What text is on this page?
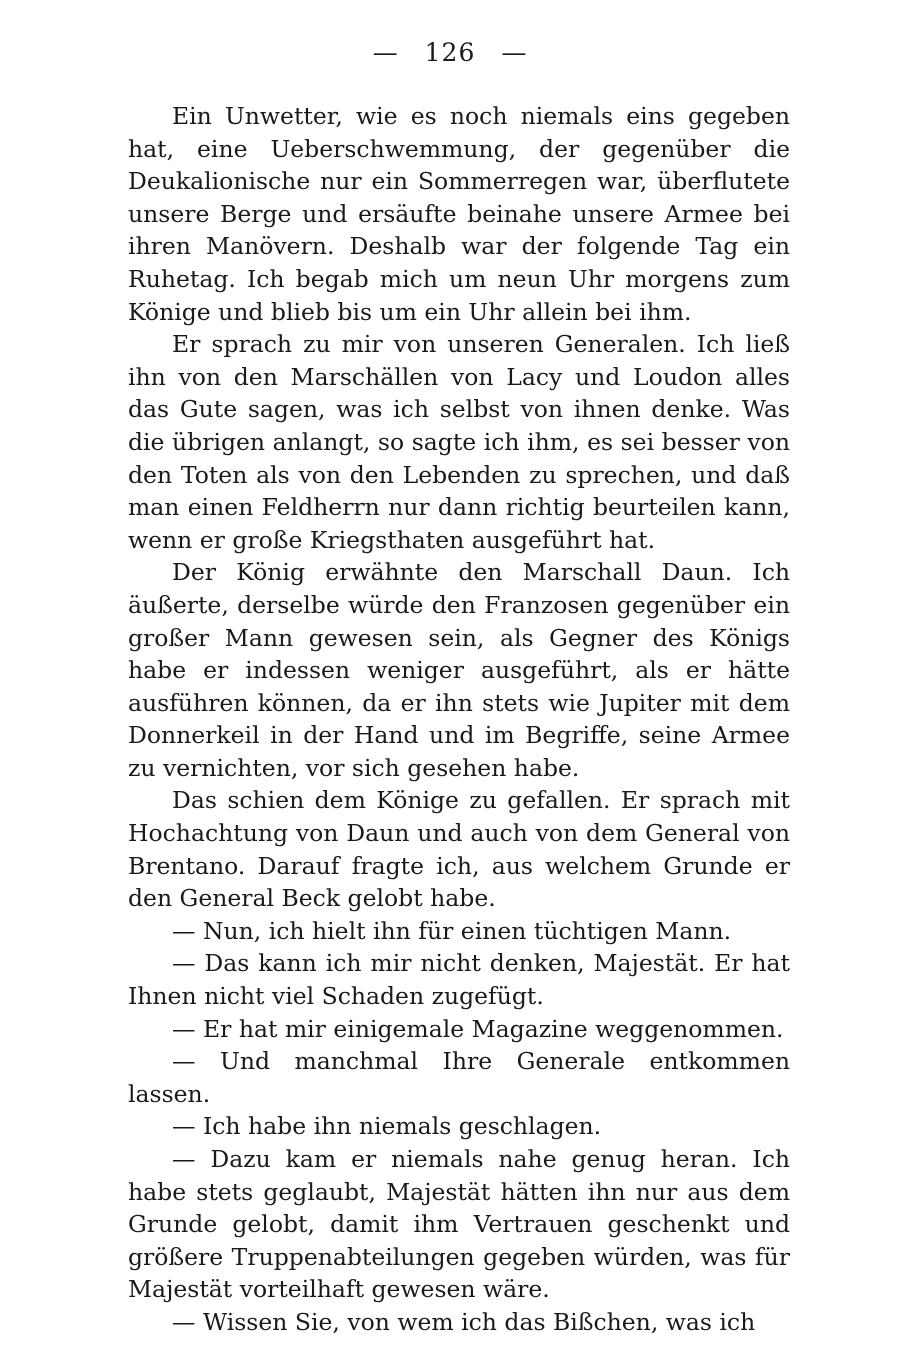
— 126 —

Ein Unwetter, wie es noch niemals eins gegeben hat, eine Ueberschwemmung, der gegenüber die Deukalionische nur ein Sommerregen war, überflutete unsere Berge und ersäufte beinahe unsere Armee bei ihren Manövern. Deshalb war der folgende Tag ein Ruhetag. Ich begab mich um neun Uhr morgens zum Könige und blieb bis um ein Uhr allein bei ihm.

Er sprach zu mir von unseren Generalen. Ich ließ ihn von den Marschällen von Lacy und Loudon alles das Gute sagen, was ich selbst von ihnen denke. Was die übrigen anlangt, so sagte ich ihm, es sei besser von den Toten als von den Lebenden zu sprechen, und daß man einen Feldherrn nur dann richtig beurteilen kann, wenn er große Kriegsthaten ausgeführt hat.

Der König erwähnte den Marschall Daun. Ich äußerte, derselbe würde den Franzosen gegenüber ein großer Mann gewesen sein, als Gegner des Königs habe er indessen weniger ausgeführt, als er hätte ausführen können, da er ihn stets wie Jupiter mit dem Donnerkeil in der Hand und im Begriffe, seine Armee zu vernichten, vor sich gesehen habe.

Das schien dem Könige zu gefallen. Er sprach mit Hochachtung von Daun und auch von dem General von Brentano. Darauf fragte ich, aus welchem Grunde er den General Beck gelobt habe.

— Nun, ich hielt ihn für einen tüchtigen Mann.

— Das kann ich mir nicht denken, Majestät. Er hat Ihnen nicht viel Schaden zugefügt.

— Er hat mir einigemale Magazine weggenommen.

— Und manchmal Ihre Generale entkommen lassen.

— Ich habe ihn niemals geschlagen.

— Dazu kam er niemals nahe genug heran. Ich habe stets geglaubt, Majestät hätten ihn nur aus dem Grunde gelobt, damit ihm Vertrauen geschenkt und größere Truppenabteilungen gegeben würden, was für Majestät vorteilhaft gewesen wäre.

— Wissen Sie, von wem ich das Bißchen, was ich
